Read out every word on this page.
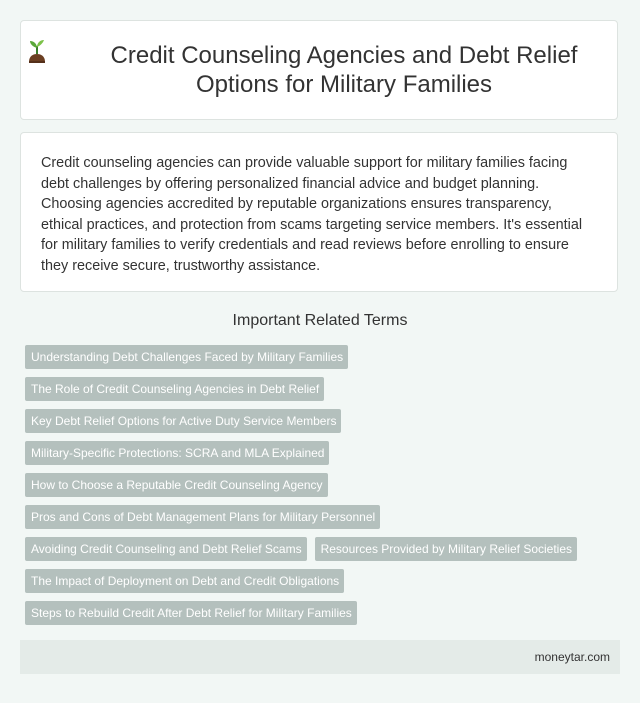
Credit Counseling Agencies and Debt Relief Options for Military Families

Credit counseling agencies can provide valuable support for military families facing debt challenges by offering personalized financial advice and budget planning. Choosing agencies accredited by reputable organizations ensures transparency, ethical practices, and protection from scams targeting service members. It's essential for military families to verify credentials and read reviews before enrolling to ensure they receive secure, trustworthy assistance.

Important Related Terms
Understanding Debt Challenges Faced by Military Families
The Role of Credit Counseling Agencies in Debt Relief
Key Debt Relief Options for Active Duty Service Members
Military-Specific Protections: SCRA and MLA Explained
How to Choose a Reputable Credit Counseling Agency
Pros and Cons of Debt Management Plans for Military Personnel
Avoiding Credit Counseling and Debt Relief Scams	Resources Provided by Military Relief Societies
The Impact of Deployment on Debt and Credit Obligations
Steps to Rebuild Credit After Debt Relief for Military Families
moneytar.com
